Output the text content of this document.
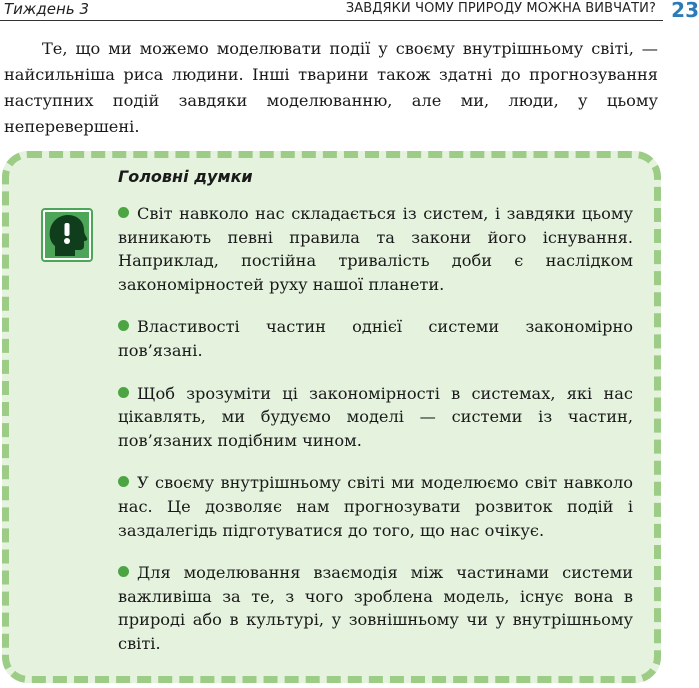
Тиждень 3	ЗАВДЯКИ ЧОМУ ПРИРОДУ МОЖНА ВИВЧАТИ? 23

Те, що ми можемо моделювати події у своєму внутрішньому світі, — найсильніша риса людини. Інші тварини також здатні до прогнозування наступних подій завдяки моделюванню, але ми, люди, у цьому неперевершені.

Головні думки

Світ навколо нас складається із систем, і завдяки цьому виникають певні правила та закони його існування. Наприклад, постійна тривалість доби є наслідком закономірностей руху нашої планети.

Властивості частин однієї системи закономірно пов’язані.

Щоб зрозуміти ці закономірності в системах, які нас цікавлять, ми будуємо моделі — системи із частин, пов’язаних подібним чином.

У своєму внутрішньому світі ми моделюємо світ навколо нас. Це дозволяє нам прогнозувати розвиток подій і заздалегідь підготуватися до того, що нас очікує.

Для моделювання взаємодія між частинами системи важливіша за те, з чого зроблена модель, існує вона в природі або в культурі, у зовнішньому чи у внутрішньому світі.
